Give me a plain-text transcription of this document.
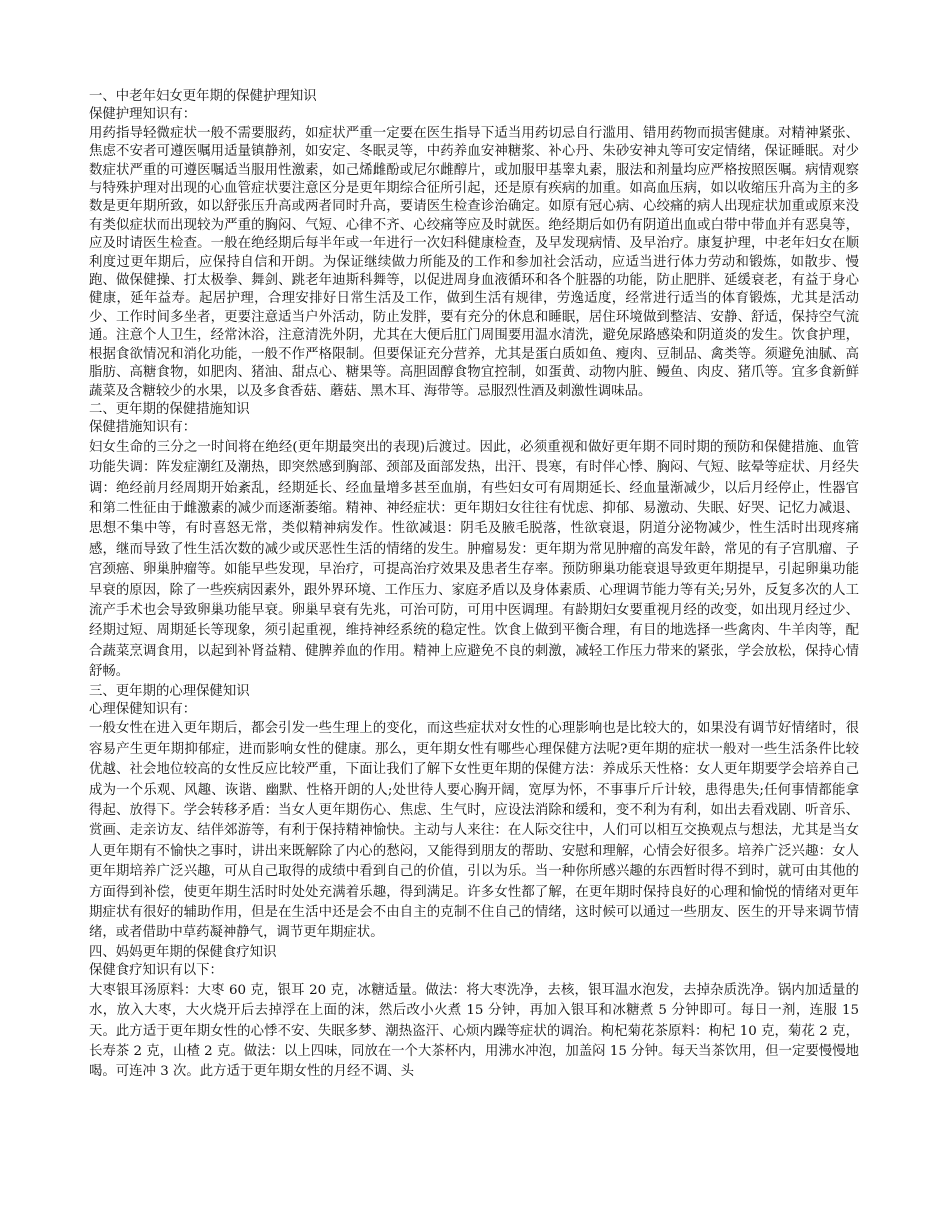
一、中老年妇女更年期的保健护理知识
保健护理知识有：

用药指导轻微症状一般不需要服药，如症状严重一定要在医生指导下适当用药切忌自行滥用、错用药物而损害健康。对精神紧张、焦虑不安者可遵医嘱用适量镇静剂，如安定、冬眠灵等，中药养血安神糖浆、补心丹、朱砂安神丸等可安定情绪，保证睡眠。对少数症状严重的可遵医嘱适当服用性激素，如己烯雌酚或尼尔雌醇片，或加服甲基睾丸素，服法和剂量均应严格按照医嘱。病情观察与特殊护理对出现的心血管症状要注意区分是更年期综合征所引起，还是原有疾病的加重。如高血压病，如以收缩压升高为主的多数是更年期所致，如以舒张压升高或两者同时升高，要请医生检查诊治确定。如原有冠心病、心绞痛的病人出现症状加重或原来没有类似症状而出现较为严重的胸闷、气短、心律不齐、心绞痛等应及时就医。绝经期后如仍有阴道出血或白带中带血并有恶臭等，应及时请医生检查。一般在绝经期后每半年或一年进行一次妇科健康检查，及早发现病情、及早治疗。康复护理，中老年妇女在顺利度过更年期后，应保持自信和开朗。为保证继续做力所能及的工作和参加社会活动，应适当进行体力劳动和锻炼，如散步、慢跑、做保健操、打太极拳、舞剑、跳老年迪斯科舞等，以促进周身血液循环和各个脏器的功能，防止肥胖、延缓衰老，有益于身心健康，延年益寿。起居护理，合理安排好日常生活及工作，做到生活有规律，劳逸适度，经常进行适当的体育锻炼，尤其是活动少、工作时间多坐者，更要注意适当户外活动，防止发胖，要有充分的休息和睡眠，居住环境做到整洁、安静、舒适，保持空气流通。注意个人卫生，经常沐浴，注意清洗外阴，尤其在大便后肛门周围要用温水清洗，避免尿路感染和阴道炎的发生。饮食护理，根据食欲情况和消化功能，一般不作严格限制。但要保证充分营养，尤其是蛋白质如鱼、瘦肉、豆制品、禽类等。须避免油腻、高脂肪、高糖食物，如肥肉、猪油、甜点心、糖果等。高胆固醇食物宜控制，如蛋黄、动物内脏、鳗鱼、肉皮、猪爪等。宜多食新鲜蔬菜及含糖较少的水果，以及多食香菇、蘑菇、黑木耳、海带等。忌服烈性酒及刺激性调味品。

二、更年期的保健措施知识
保健措施知识有：

妇女生命的三分之一时间将在绝经(更年期最突出的表现)后渡过。因此，必须重视和做好更年期不同时期的预防和保健措施、血管功能失调：阵发症潮红及潮热，即突然感到胸部、颈部及面部发热，出汗、畏寒，有时伴心悸、胸闷、气短、眩晕等症状、月经失调：绝经前月经周期开始紊乱，经期延长、经血量增多甚至血崩，有些妇女可有周期延长、经血量渐减少，以后月经停止，性器官和第二性征由于雌激素的减少而逐渐萎缩。精神、神经症状：更年期妇女往往有忧虑、抑郁、易激动、失眠、好哭、记忆力减退、思想不集中等，有时喜怒无常，类似精神病发作。性欲减退：阴毛及腋毛脱落，性欲衰退，阴道分泌物减少，性生活时出现疼痛感，继而导致了性生活次数的减少或厌恶性生活的情绪的发生。肿瘤易发：更年期为常见肿瘤的高发年龄，常见的有子宫肌瘤、子宫颈癌、卵巢肿瘤等。如能早些发现，早治疗，可提高治疗效果及患者生存率。预防卵巢功能衰退导致更年期提早，引起卵巢功能早衰的原因，除了一些疾病因素外，跟外界环境、工作压力、家庭矛盾以及身体素质、心理调节能力等有关;另外，反复多次的人工流产手术也会导致卵巢功能早衰。卵巢早衰有先兆，可治可防，可用中医调理。有龄期妇女要重视月经的改变，如出现月经过少、经期过短、周期延长等现象，须引起重视，维持神经系统的稳定性。饮食上做到平衡合理，有目的地选择一些禽肉、牛羊肉等，配合蔬菜烹调食用，以起到补肾益精、健脾养血的作用。精神上应避免不良的刺激，减轻工作压力带来的紧张，学会放松，保持心情舒畅。

三、更年期的心理保健知识
心理保健知识有：

一般女性在进入更年期后，都会引发一些生理上的变化，而这些症状对女性的心理影响也是比较大的，如果没有调节好情绪时，很容易产生更年期抑郁症，进而影响女性的健康。那么，更年期女性有哪些心理保健方法呢?更年期的症状一般对一些生活条件比较优越、社会地位较高的女性反应比较严重，下面让我们了解下女性更年期的保健方法：养成乐天性格：女人更年期要学会培养自己成为一个乐观、风趣、诙谐、幽默、性格开朗的人;处世待人要心胸开阔，宽厚为怀，不事事斤斤计较，患得患失;任何事情都能拿得起、放得下。学会转移矛盾：当女人更年期伤心、焦虑、生气时，应设法消除和缓和，变不利为有利，如出去看戏剧、听音乐、赏画、走亲访友、结伴郊游等，有利于保持精神愉快。主动与人来往：在人际交往中，人们可以相互交换观点与想法，尤其是当女人更年期有不愉快之事时，讲出来既解除了内心的愁闷，又能得到朋友的帮助、安慰和理解，心情会好很多。培养广泛兴趣：女人更年期培养广泛兴趣，可从自己取得的成绩中看到自己的价值，引以为乐。当一种你所感兴趣的东西暂时得不到时，就可由其他的方面得到补偿，使更年期生活时时处处充满着乐趣，得到满足。许多女性都了解，在更年期时保持良好的心理和愉悦的情绪对更年期症状有很好的辅助作用，但是在生活中还是会不由自主的克制不住自己的情绪，这时候可以通过一些朋友、医生的开导来调节情绪，或者借助中草药凝神静气，调节更年期症状。

四、妈妈更年期的保健食疗知识
保健食疗知识有以下：

大枣银耳汤原料：大枣 60 克，银耳 20 克，冰糖适量。做法：将大枣洗净，去核，银耳温水泡发，去掉杂质洗净。锅内加适量的水，放入大枣，大火烧开后去掉浮在上面的沫，然后改小火煮 15 分钟，再加入银耳和冰糖煮 5 分钟即可。每日一剂，连服 15 天。此方适于更年期女性的心悸不安、失眠多梦、潮热盗汗、心烦内躁等症状的调治。枸杞菊花茶原料：枸杞 10 克，菊花 2 克，长寿茶 2 克，山楂 2 克。做法：以上四味，同放在一个大茶杯内，用沸水冲泡，加盖闷 15 分钟。每天当茶饮用，但一定要慢慢地喝。可连冲 3 次。此方适于更年期女性的月经不调、头
